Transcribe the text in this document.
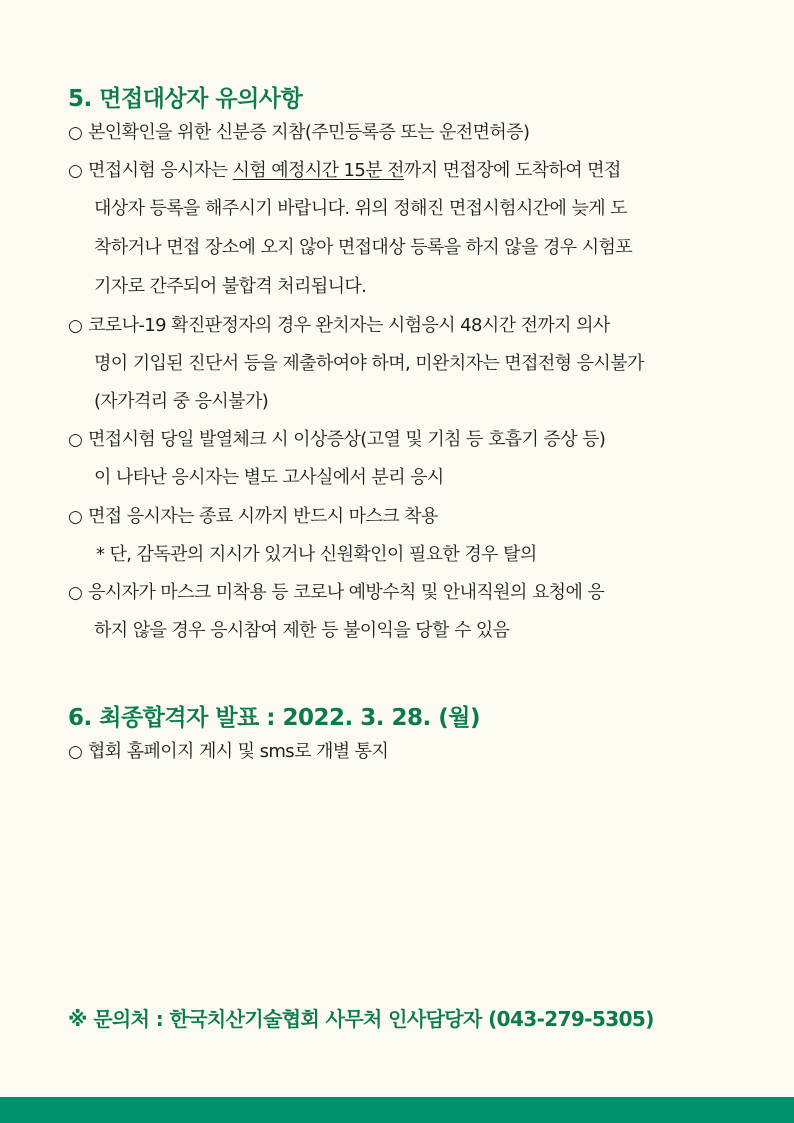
5. 면접대상자 유의사항

○ 본인확인을 위한 신분증 지참(주민등록증 또는 운전면허증)

○ 면접시험 응시자는 시험 예정시간 15분 전까지 면접장에 도착하여 면접

대상자 등록을 해주시기 바랍니다. 위의 정해진 면접시험시간에 늦게 도

착하거나 면접 장소에 오지 않아 면접대상 등록을 하지 않을 경우 시험포

기자로 간주되어 불합격 처리됩니다.

○ 코로나-19 확진판정자의 경우 완치자는 시험응시 48시간 전까지 의사

명이 기입된 진단서 등을 제출하여야 하며, 미완치자는 면접전형 응시불가

(자가격리 중 응시불가)

○ 면접시험 당일 발열체크 시 이상증상(고열 및 기침 등 호흡기 증상 등)

이 나타난 응시자는 별도 고사실에서 분리 응시

○ 면접 응시자는 종료 시까지 반드시 마스크 착용

* 단, 감독관의 지시가 있거나 신원확인이 필요한 경우 탈의

○ 응시자가 마스크 미착용 등 코로나 예방수칙 및 안내직원의 요청에 응

하지 않을 경우 응시참여 제한 등 불이익을 당할 수 있음

6. 최종합격자 발표 : 2022. 3. 28. (월)

○ 협회 홈페이지 게시 및 sms로 개별 통지

※ 문의처 : 한국치산기술협회 사무처 인사담당자 (043-279-5305)
